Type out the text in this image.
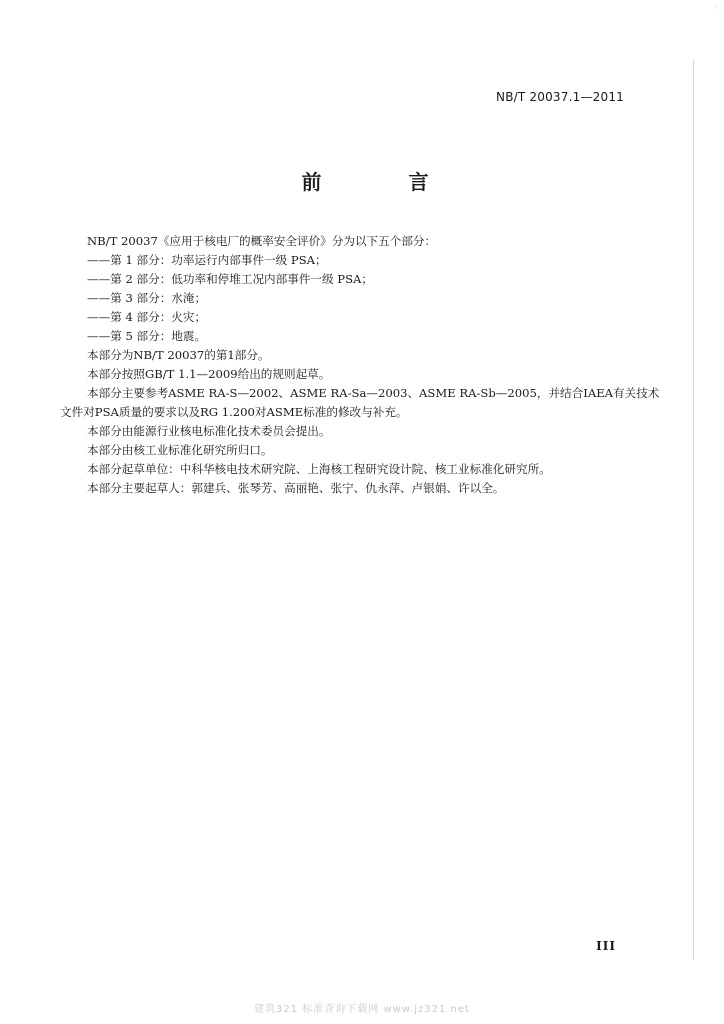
·
NB/T 20037.1—2011
前 言

NB/T 20037《应用于核电厂的概率安全评价》分为以下五个部分：

——第 1 部分：功率运行内部事件一级 PSA；

——第 2 部分：低功率和停堆工况内部事件一级 PSA；

——第 3 部分：水淹；

——第 4 部分：火灾；

——第 5 部分：地震。

本部分为NB/T 20037的第1部分。

本部分按照GB/T 1.1—2009给出的规则起草。

本部分主要参考ASME RA-S—2002、ASME RA-Sa—2003、ASME RA-Sb—2005，并结合IAEA有关技术

文件对PSA质量的要求以及RG 1.200对ASME标准的修改与补充。

本部分由能源行业核电标准化技术委员会提出。

本部分由核工业标准化研究所归口。

本部分起草单位：中科华核电技术研究院、上海核工程研究设计院、核工业标准化研究所。

本部分主要起草人：郭建兵、张琴芳、高丽艳、张宁、仇永萍、卢银娟、许以全。

III
建筑321 标准查询下载网 www.jz321.net
